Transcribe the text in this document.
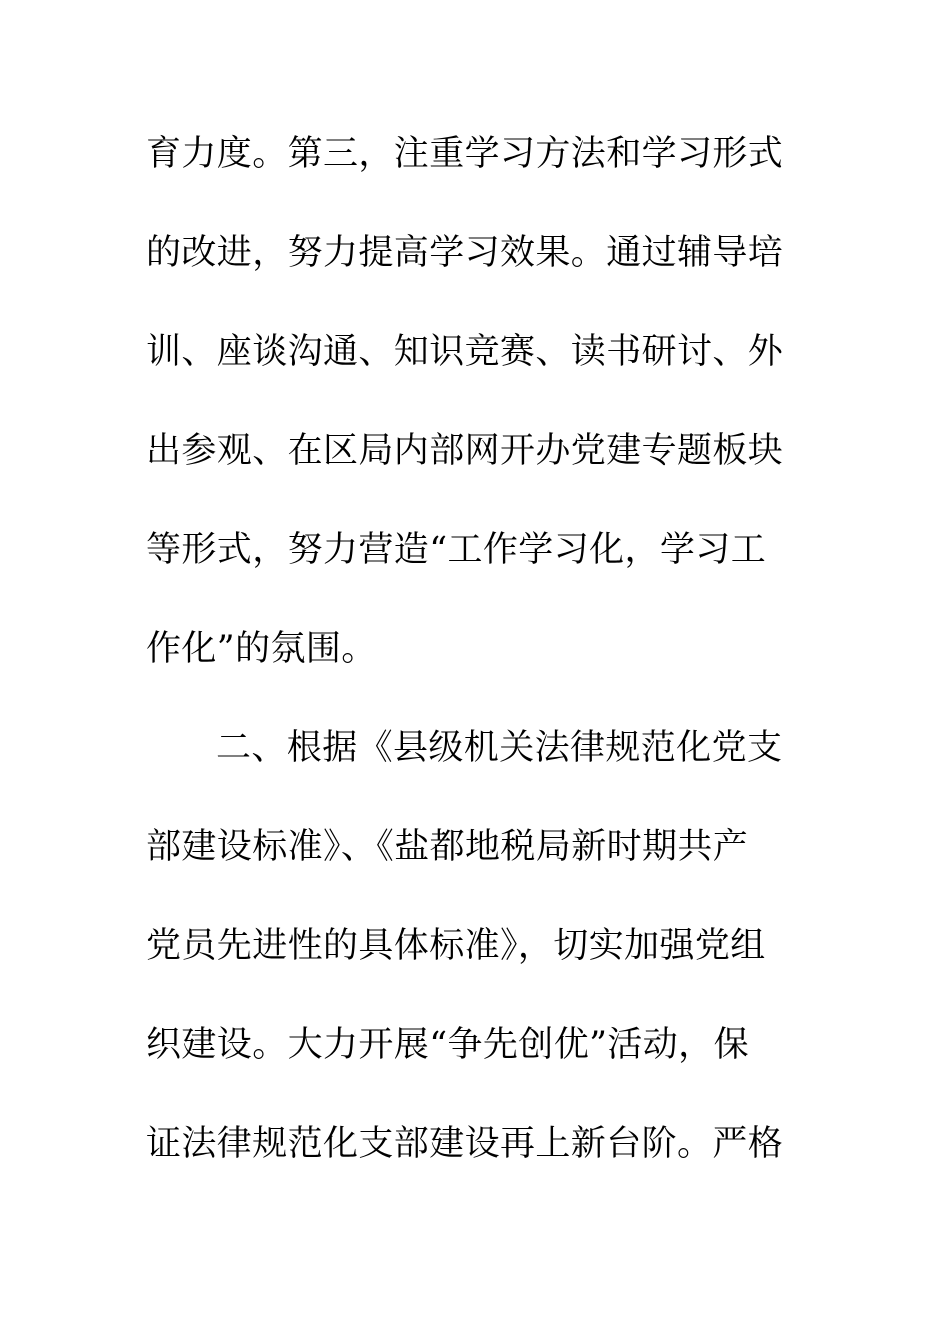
育力度。第三，注重学习方法和学习形式
的改进，努力提高学习效果。通过辅导培
训、座谈沟通、知识竞赛、读书研讨、外
出参观、在区局内部网开办党建专题板块
等形式，努力营造“工作学习化，学习工
作化”的氛围。
二、根据《县级机关法律规范化党支
部建设标准》、《盐都地税局新时期共产
党员先进性的具体标准》，切实加强党组
织建设。大力开展“争先创优”活动，保
证法律规范化支部建设再上新台阶。严格
